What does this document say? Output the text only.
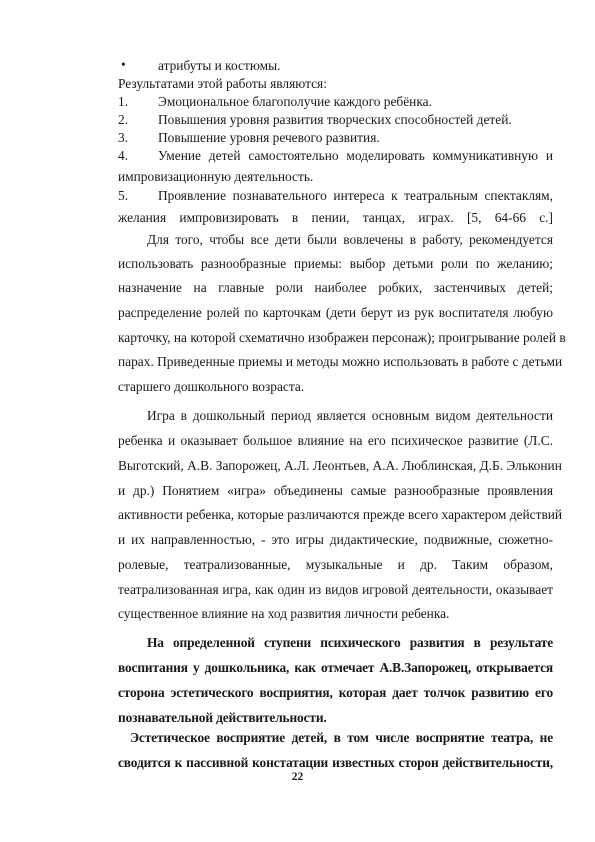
• атрибуты и костюмы.
Результатами этой работы являются:
1. Эмоциональное благополучие каждого ребёнка.
2. Повышения уровня развития творческих способностей детей.
3. Повышение уровня речевого развития.
4. Умение детей самостоятельно моделировать коммуникативную и
импровизационную деятельность.
5. Проявление познавательного интереса к театральным спектаклям,
желания импровизировать в пении, танцах, играх. [5, 64-66 с.]
Для того, чтобы все дети были вовлечены в работу, рекомендуется
использовать разнообразные приемы: выбор детьми роли по желанию;
назначение на главные роли наиболее робких, застенчивых детей;
распределение ролей по карточкам (дети берут из рук воспитателя любую
карточку, на которой схематично изображен персонаж); проигрывание ролей в
парах. Приведенные приемы и методы можно использовать в работе с детьми
старшего дошкольного возраста.
Игра в дошкольный период является основным видом деятельности
ребенка и оказывает большое влияние на его психическое развитие (Л.С.
Выготский, А.В. Запорожец, А.Л. Леонтьев, А.А. Люблинская, Д.Б. Эльконин
и др.) Понятием «игра» объединены самые разнообразные проявления
активности ребенка, которые различаются прежде всего характером действий
и их направленностью, - это игры дидактические, подвижные, сюжетно-
ролевые, театрализованные, музыкальные и др. Таким образом,
театрализованная игра, как один из видов игровой деятельности, оказывает
существенное влияние на ход развития личности ребенка.
На определенной ступени психического развития в результате
воспитания у дошкольника, как отмечает А.В.Запорожец, открывается
сторона эстетического восприятия, которая дает толчок развитию его
познавательной действительности.
Эстетическое восприятие детей, в том числе восприятие театра, не
сводится к пассивной констатации известных сторон действительности,
22
